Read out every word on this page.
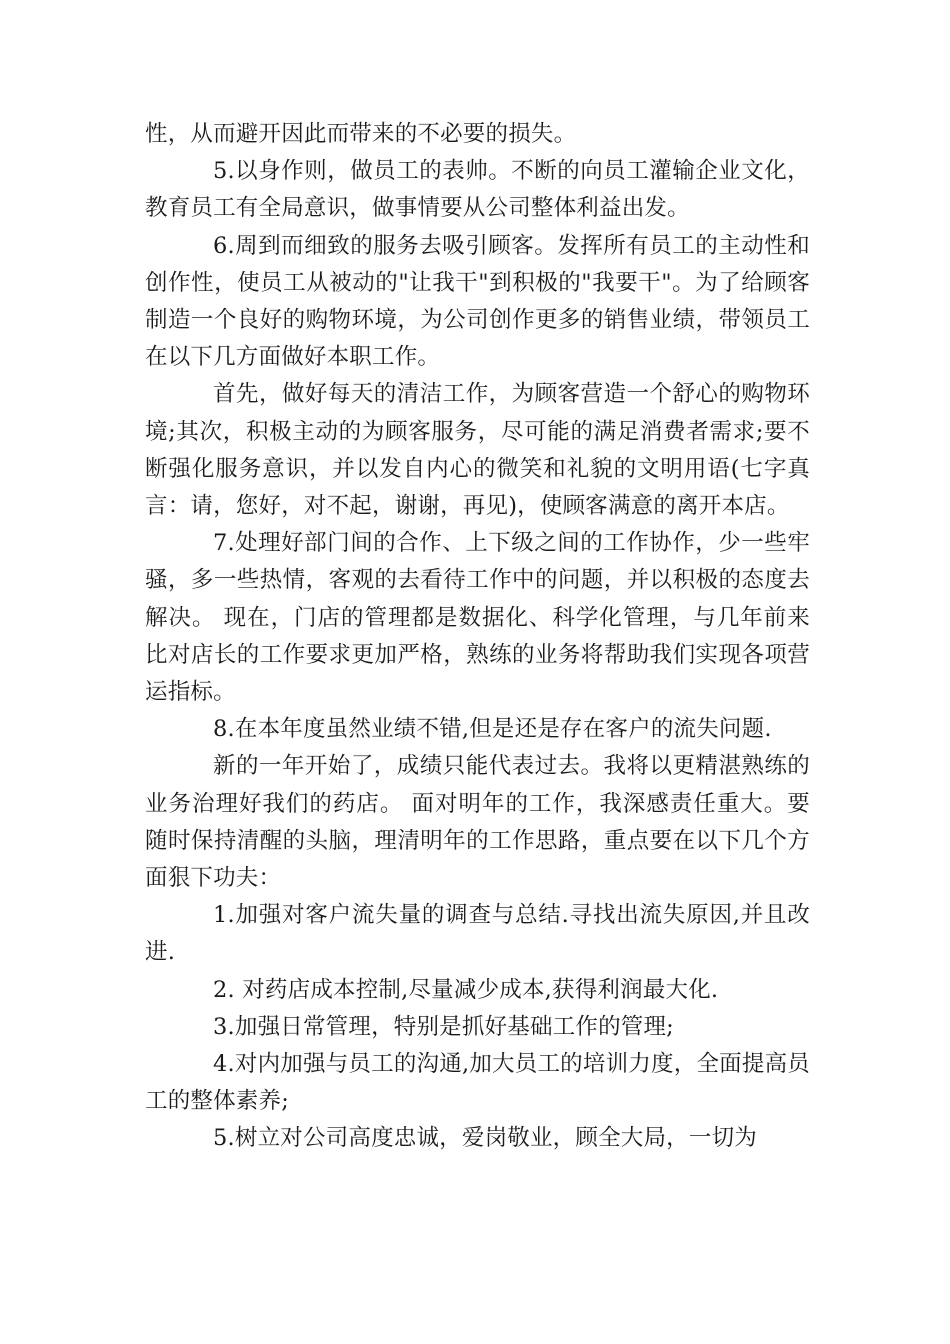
性，从而避开因此而带来的不必要的损失。

5.以身作则，做员工的表帅。不断的向员工灌输企业文化，教育员工有全局意识，做事情要从公司整体利益出发。

6.周到而细致的服务去吸引顾客。发挥所有员工的主动性和创作性，使员工从被动的"让我干"到积极的"我要干"。为了给顾客制造一个良好的购物环境，为公司创作更多的销售业绩，带领员工在以下几方面做好本职工作。

首先，做好每天的清洁工作，为顾客营造一个舒心的购物环境;其次，积极主动的为顾客服务，尽可能的满足消费者需求;要不断强化服务意识，并以发自内心的微笑和礼貌的文明用语(七字真言：请，您好，对不起，谢谢，再见)，使顾客满意的离开本店。

7.处理好部门间的合作、上下级之间的工作协作，少一些牢骚，多一些热情，客观的去看待工作中的问题，并以积极的态度去解决。 现在，门店的管理都是数据化、科学化管理，与几年前来比对店长的工作要求更加严格，熟练的业务将帮助我们实现各项营运指标。

8.在本年度虽然业绩不错,但是还是存在客户的流失问题.

新的一年开始了，成绩只能代表过去。我将以更精湛熟练的业务治理好我们的药店。 面对明年的工作，我深感责任重大。要随时保持清醒的头脑，理清明年的工作思路，重点要在以下几个方面狠下功夫：

1.加强对客户流失量的调查与总结.寻找出流失原因,并且改进.

2. 对药店成本控制,尽量减少成本,获得利润最大化.

3.加强日常管理，特别是抓好基础工作的管理;

4.对内加强与员工的沟通,加大员工的培训力度，全面提高员工的整体素养;

5.树立对公司高度忠诚，爱岗敬业，顾全大局，一切为
